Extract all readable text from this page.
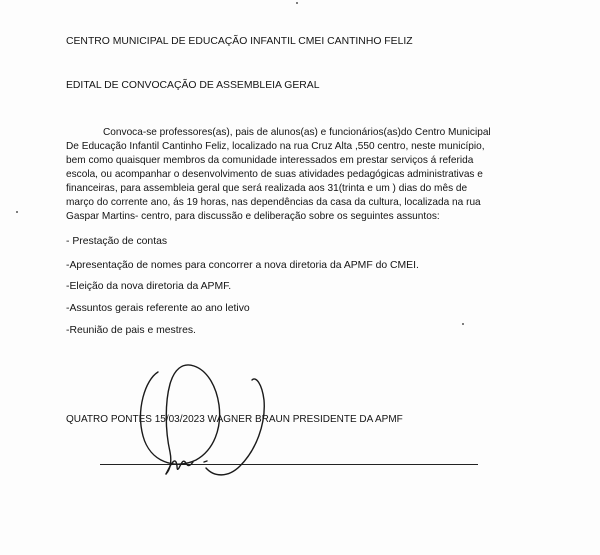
CENTRO MUNICIPAL DE EDUCAÇÃO INFANTIL CMEI CANTINHO FELIZ
EDITAL DE CONVOCAÇÃO DE ASSEMBLEIA GERAL
Convoca-se professores(as), pais de alunos(as) e funcionários(as)do Centro Municipal
De Educação Infantil Cantinho Feliz, localizado na rua Cruz Alta ,550 centro, neste município,
bem como quaisquer membros da comunidade interessados em prestar serviços á referida
escola, ou acompanhar o desenvolvimento de suas atividades pedagógicas administrativas e
financeiras, para assembleia geral que será realizada aos 31(trinta e um ) dias do mês de
março do corrente ano, ás 19 horas, nas dependências da casa da cultura, localizada na rua
Gaspar Martins- centro, para discussão e deliberação sobre os seguintes assuntos:
- Prestação de contas
-Apresentação de nomes para concorrer a nova diretoria da APMF do CMEI.
-Eleição da nova diretoria da APMF.
-Assuntos gerais referente ao ano letivo
-Reunião de pais e mestres.
QUATRO PONTES 15/03/2023 WAGNER BRAUN PRESIDENTE DA APMF
